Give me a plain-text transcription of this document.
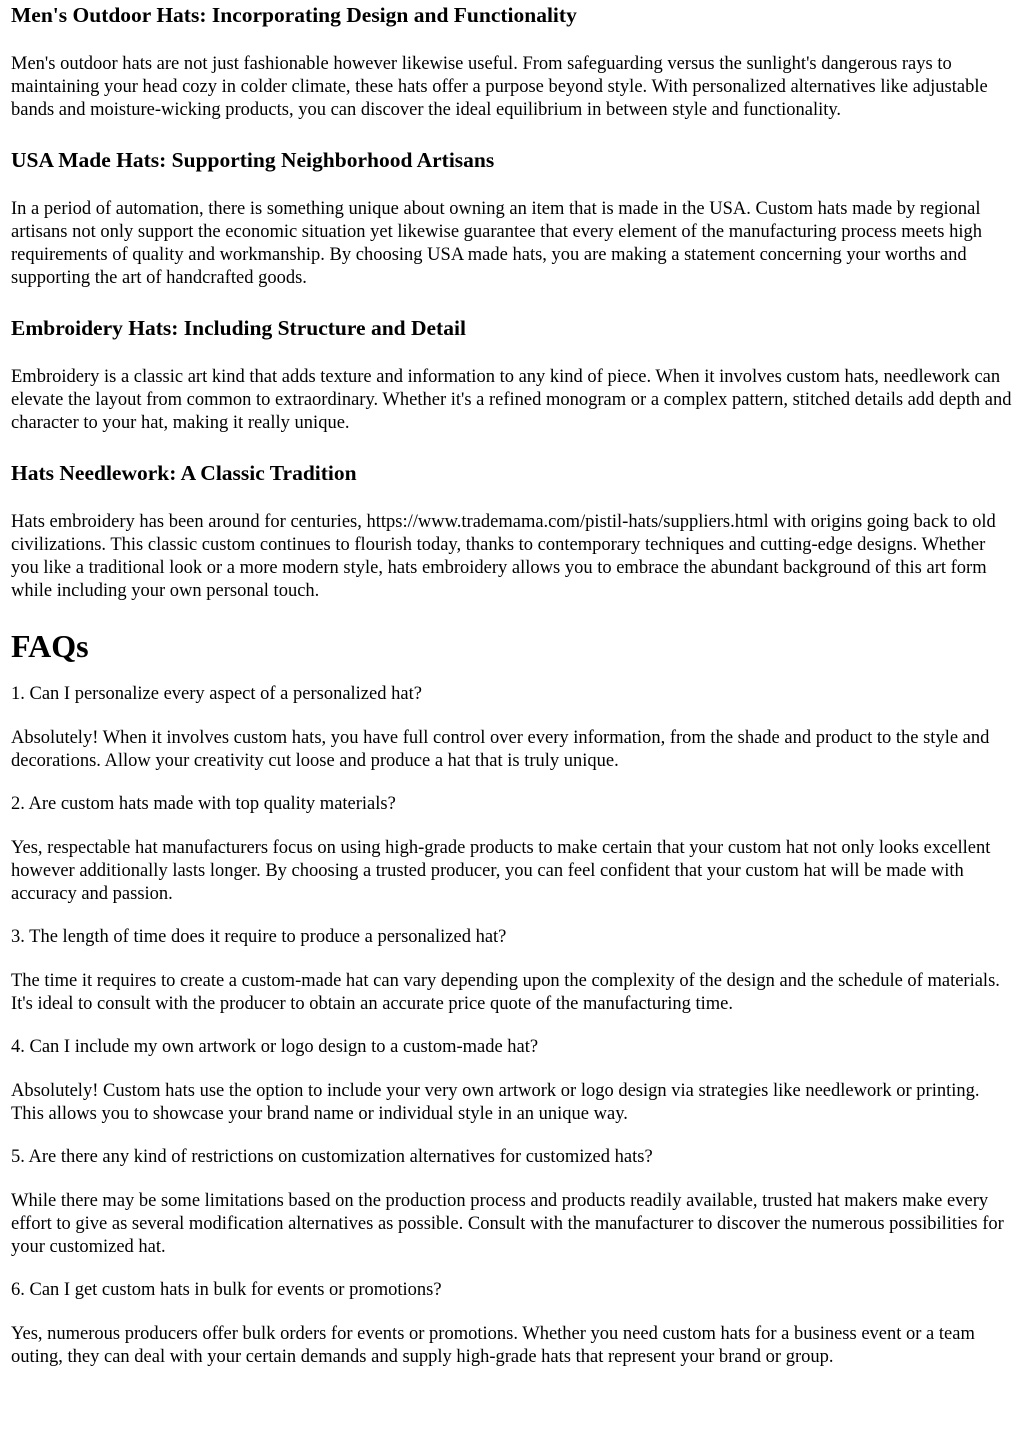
Men's Outdoor Hats: Incorporating Design and Functionality

Men's outdoor hats are not just fashionable however likewise useful. From safeguarding versus the sunlight's dangerous rays to maintaining your head cozy in colder climate, these hats offer a purpose beyond style. With personalized alternatives like adjustable bands and moisture-wicking products, you can discover the ideal equilibrium in between style and functionality.

USA Made Hats: Supporting Neighborhood Artisans

In a period of automation, there is something unique about owning an item that is made in the USA. Custom hats made by regional artisans not only support the economic situation yet likewise guarantee that every element of the manufacturing process meets high requirements of quality and workmanship. By choosing USA made hats, you are making a statement concerning your worths and supporting the art of handcrafted goods.

Embroidery Hats: Including Structure and Detail

Embroidery is a classic art kind that adds texture and information to any kind of piece. When it involves custom hats, needlework can elevate the layout from common to extraordinary. Whether it's a refined monogram or a complex pattern, stitched details add depth and character to your hat, making it really unique.

Hats Needlework: A Classic Tradition

Hats embroidery has been around for centuries, https://www.trademama.com/pistil-hats/suppliers.html with origins going back to old civilizations. This classic custom continues to flourish today, thanks to contemporary techniques and cutting-edge designs. Whether you like a traditional look or a more modern style, hats embroidery allows you to embrace the abundant background of this art form while including your own personal touch.

FAQs

1. Can I personalize every aspect of a personalized hat?

Absolutely! When it involves custom hats, you have full control over every information, from the shade and product to the style and decorations. Allow your creativity cut loose and produce a hat that is truly unique.

2. Are custom hats made with top quality materials?

Yes, respectable hat manufacturers focus on using high-grade products to make certain that your custom hat not only looks excellent however additionally lasts longer. By choosing a trusted producer, you can feel confident that your custom hat will be made with accuracy and passion.

3. The length of time does it require to produce a personalized hat?

The time it requires to create a custom-made hat can vary depending upon the complexity of the design and the schedule of materials. It's ideal to consult with the producer to obtain an accurate price quote of the manufacturing time.

4. Can I include my own artwork or logo design to a custom-made hat?

Absolutely! Custom hats use the option to include your very own artwork or logo design via strategies like needlework or printing. This allows you to showcase your brand name or individual style in an unique way.

5. Are there any kind of restrictions on customization alternatives for customized hats?

While there may be some limitations based on the production process and products readily available, trusted hat makers make every effort to give as several modification alternatives as possible. Consult with the manufacturer to discover the numerous possibilities for your customized hat.

6. Can I get custom hats in bulk for events or promotions?

Yes, numerous producers offer bulk orders for events or promotions. Whether you need custom hats for a business event or a team outing, they can deal with your certain demands and supply high-grade hats that represent your brand or group.
